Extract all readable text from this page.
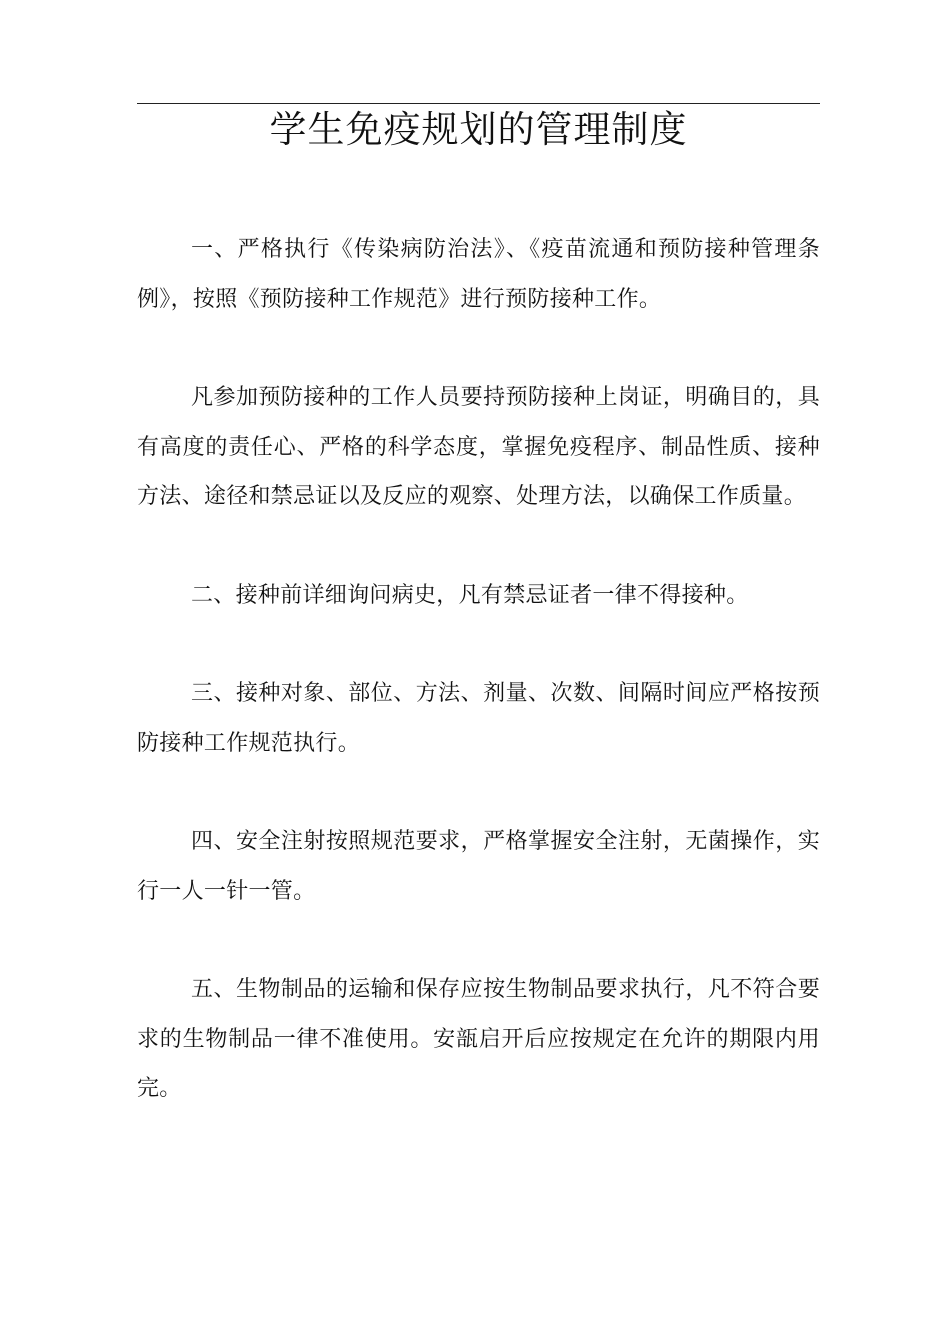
学生免疫规划的管理制度

一、严格执行《传染病防治法》、《疫苗流通和预防接种管理条例》，按照《预防接种工作规范》进行预防接种工作。

凡参加预防接种的工作人员要持预防接种上岗证，明确目的，具有高度的责任心、严格的科学态度，掌握免疫程序、制品性质、接种方法、途径和禁忌证以及反应的观察、处理方法，以确保工作质量。

二、接种前详细询问病史，凡有禁忌证者一律不得接种。

三、接种对象、部位、方法、剂量、次数、间隔时间应严格按预防接种工作规范执行。

四、安全注射按照规范要求，严格掌握安全注射，无菌操作，实行一人一针一管。

五、生物制品的运输和保存应按生物制品要求执行，凡不符合要求的生物制品一律不准使用。安瓿启开后应按规定在允许的期限内用完。
